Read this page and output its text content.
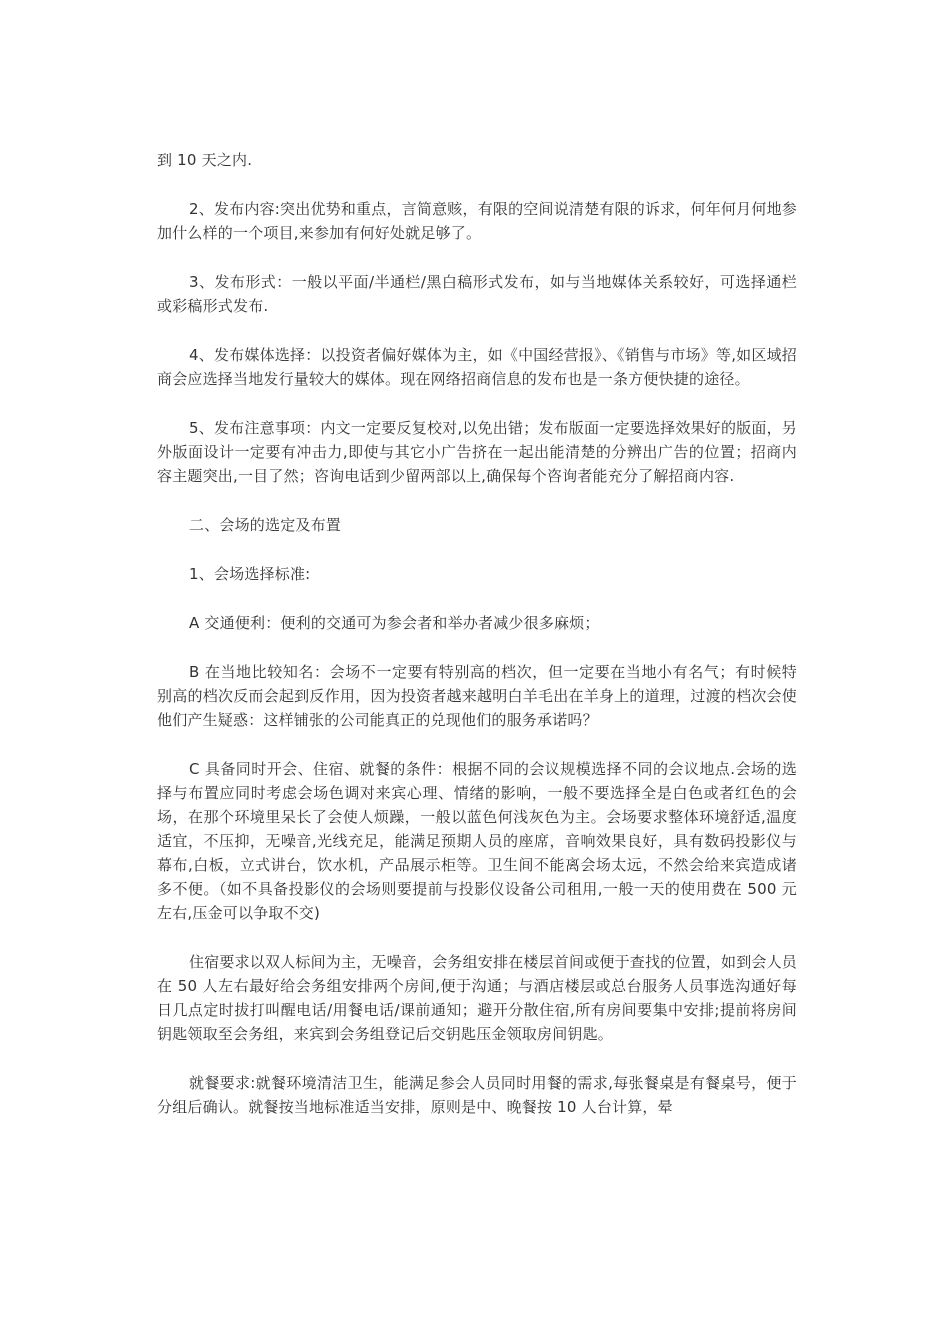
到 10 天之内.

2、发布内容:突出优势和重点，言简意赅，有限的空间说清楚有限的诉求，何年何月何地参加什么样的一个项目,来参加有何好处就足够了。

3、发布形式：一般以平面/半通栏/黑白稿形式发布，如与当地媒体关系较好，可选择通栏或彩稿形式发布.

4、发布媒体选择：以投资者偏好媒体为主，如《中国经营报》、《销售与市场》等,如区域招商会应选择当地发行量较大的媒体。现在网络招商信息的发布也是一条方便快捷的途径。

5、发布注意事项：内文一定要反复校对,以免出错；发布版面一定要选择效果好的版面，另外版面设计一定要有冲击力,即使与其它小广告挤在一起出能清楚的分辨出广告的位置；招商内容主题突出,一目了然；咨询电话到少留两部以上,确保每个咨询者能充分了解招商内容.

二、会场的选定及布置

1、会场选择标准:

A 交通便利：便利的交通可为参会者和举办者减少很多麻烦；

B 在当地比较知名：会场不一定要有特别高的档次，但一定要在当地小有名气；有时候特别高的档次反而会起到反作用，因为投资者越来越明白羊毛出在羊身上的道理，过渡的档次会使他们产生疑惑：这样铺张的公司能真正的兑现他们的服务承诺吗？

C 具备同时开会、住宿、就餐的条件：根据不同的会议规模选择不同的会议地点.会场的选择与布置应同时考虑会场色调对来宾心理、情绪的影响，一般不要选择全是白色或者红色的会场，在那个环境里呆长了会使人烦躁，一般以蓝色何浅灰色为主。会场要求整体环境舒适,温度适宜，不压抑，无噪音,光线充足，能满足预期人员的座席，音响效果良好，具有数码投影仪与幕布,白板，立式讲台，饮水机，产品展示柜等。卫生间不能离会场太远，不然会给来宾造成诸多不便。（如不具备投影仪的会场则要提前与投影仪设备公司租用,一般一天的使用费在 500 元左右,压金可以争取不交)

住宿要求以双人标间为主，无噪音，会务组安排在楼层首间或便于查找的位置，如到会人员在 50 人左右最好给会务组安排两个房间,便于沟通；与酒店楼层或总台服务人员事选沟通好每日几点定时拔打叫醒电话/用餐电话/课前通知；避开分散住宿,所有房间要集中安排;提前将房间钥匙领取至会务组，来宾到会务组登记后交钥匙压金领取房间钥匙。

就餐要求:就餐环境清洁卫生，能满足参会人员同时用餐的需求,每张餐桌是有餐桌号，便于分组后确认。就餐按当地标准适当安排，原则是中、晚餐按 10 人台计算，晕
